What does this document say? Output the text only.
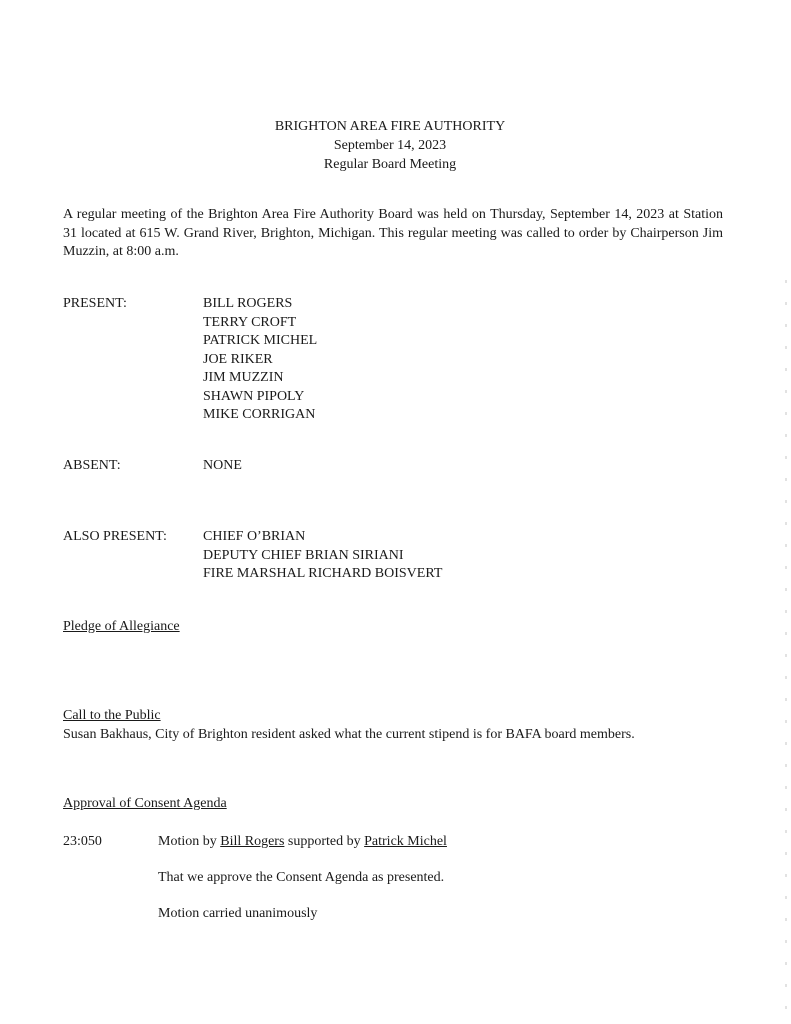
BRIGHTON AREA FIRE AUTHORITY
September 14, 2023
Regular Board Meeting
A regular meeting of the Brighton Area Fire Authority Board was held on Thursday, September 14, 2023 at Station 31 located at 615 W. Grand River, Brighton, Michigan. This regular meeting was called to order by Chairperson Jim Muzzin, at 8:00 a.m.
PRESENT:	BILL ROGERS
TERRY CROFT
PATRICK MICHEL
JOE RIKER
JIM MUZZIN
SHAWN PIPOLY
MIKE CORRIGAN
ABSENT:	NONE
ALSO PRESENT:	CHIEF O’BRIAN
DEPUTY CHIEF BRIAN SIRIANI
FIRE MARSHAL RICHARD BOISVERT
Pledge of Allegiance
Call to the Public
Susan Bakhaus, City of Brighton resident asked what the current stipend is for BAFA board members.
Approval of Consent Agenda
23:050	Motion by Bill Rogers supported by Patrick Michel
That we approve the Consent Agenda as presented.
Motion carried unanimously
